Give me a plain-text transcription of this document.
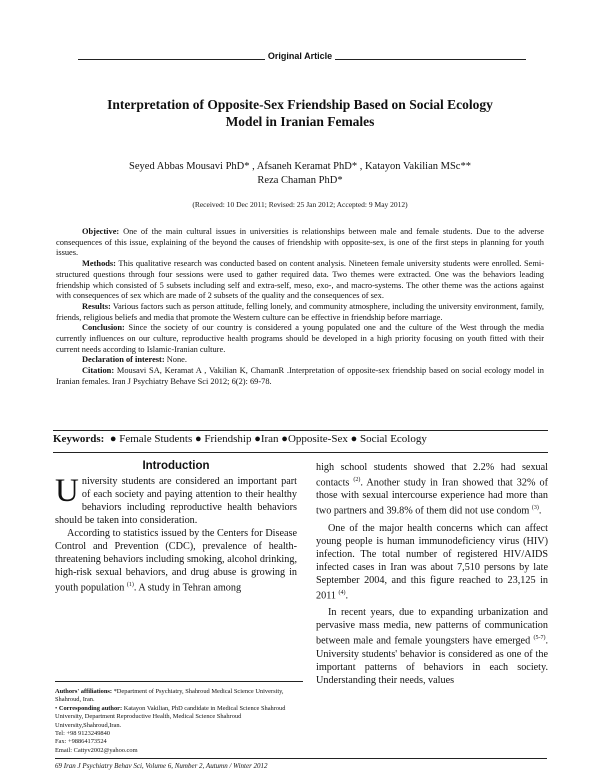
Original Article
Interpretation of Opposite-Sex Friendship Based on Social Ecology
Model in Iranian Females
Seyed Abbas Mousavi PhD* , Afsaneh Keramat PhD* , Katayon Vakilian MSc**
Reza Chaman PhD*
(Received: 10 Dec 2011; Revised: 25 Jan 2012; Accepted: 9 May 2012)

Objective: One of the main cultural issues in universities is relationships between male and female students. Due to the adverse consequences of this issue, explaining of the beyond the causes of friendship with opposite-sex, is one of the first steps in planning for youth issues.

Methods: This qualitative research was conducted based on content analysis. Nineteen female university students were enrolled. Semi-structured questions through four sessions were used to gather required data. Two themes were extracted. One was the behaviors leading friendship which consisted of 5 subsets including self and extra-self, meso, exo-, and macro-systems. The other theme was the actions against with consequences of sex which are made of 2 subsets of the quality and the consequences of sex.

Results: Various factors such as person attitude, felling lonely, and community atmosphere, including the university environment, family, friends, religious beliefs and media that promote the Western culture can be effective in friendship before marriage.

Conclusion: Since the society of our country is considered a young populated one and the culture of the West through the media currently influences on our culture, reproductive health programs should be developed in a high priority focusing on youth fitted with their current needs according to Islamic-Iranian culture.

Declaration of interest: None.

Citation: Mousavi SA, Keramat A , Vakilian K, ChamanR .Interpretation of opposite-sex friendship based on social ecology model in Iranian females. Iran J Psychiatry Behave Sci 2012; 6(2): 69-78.

Keywords: ● Female Students ● Friendship ●Iran ●Opposite-Sex ● Social Ecology
Introduction
University students are considered an important part of each society and paying attention to their healthy behaviors including reproductive health behaviors should be taken into consideration.

According to statistics issued by the Centers for Disease Control and Prevention (CDC), prevalence of health-threatening behaviors including smoking, alcohol drinking, high-risk sexual behaviors, and drug abuse is growing in youth population $^{(1)}$. A study in Tehran among

Authors' affiliations: *Department of Psychiatry, Shahroud Medical Science University, Shahroud, Iran.
• Corresponding author: Katayon Vakilian, PhD candidate in Medical Science Shahroud University, Department Reproductive Health, Medical Science Shahroud University,Shahroud,Iran.
Tel: +98 9123249840
Fax: +98864173524
Email: Cattyv2002@yahoo.com
high school students showed that 2.2% had sexual contacts $^{(2)}$. Another study in Iran showed that 32% of those with sexual intercourse experience had more than two partners and 39.8% of them did not use condom $^{(3)}$.

One of the major health concerns which can affect young people is human immunodeficiency virus (HIV) infection. The total number of registered HIV/AIDS infected cases in Iran was about 7,510 persons by late September 2004, and this figure reached to 23,125 in 2011 $^{(4)}$.

In recent years, due to expanding urbanization and pervasive mass media, new patterns of communication between male and female youngsters have emerged $^{(5-7)}$. University students' behavior is considered as one of the important patterns of behaviors in each society. Understanding their needs, values

69 Iran J Psychiatry Behav Sci, Volume 6, Number 2, Autumn / Winter 2012
